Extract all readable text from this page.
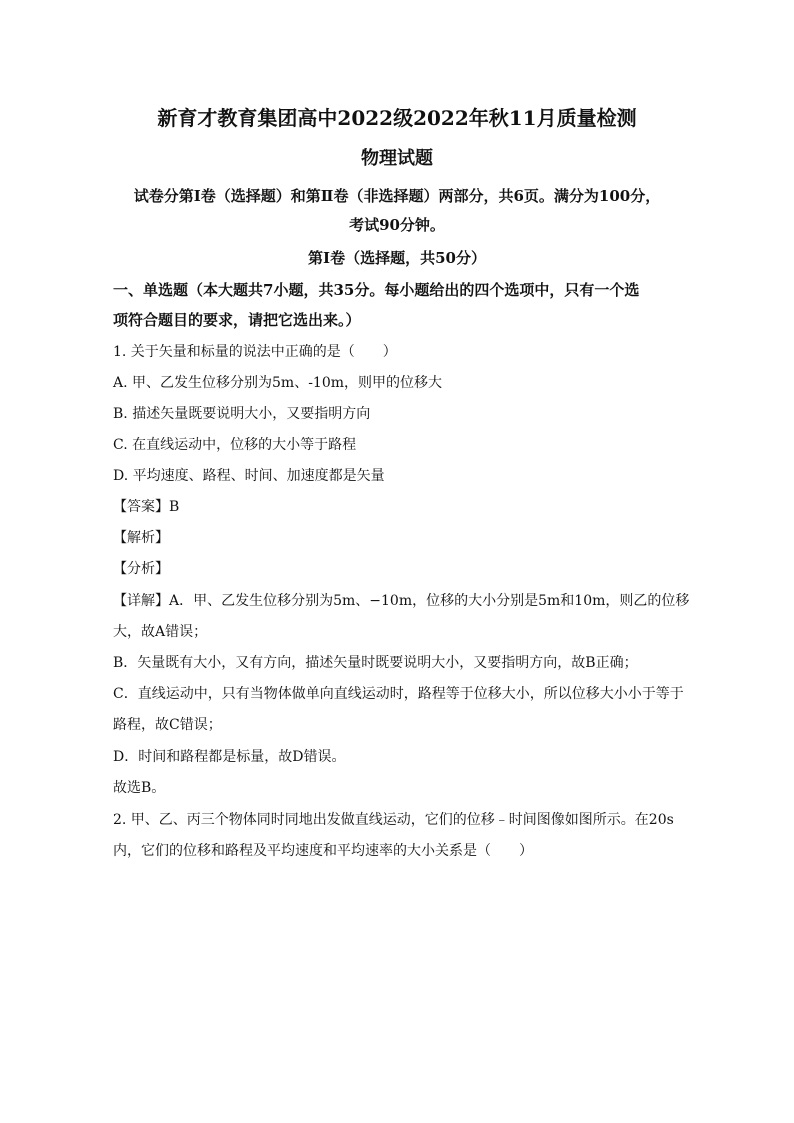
新育才教育集团高中2022级2022年秋11月质量检测
物理试题
试卷分第Ⅰ卷（选择题）和第Ⅱ卷（非选择题）两部分，共6页。满分为100分，
考试90分钟。
第Ⅰ卷（选择题，共50分）
一、单选题（本大题共7小题，共35分。每小题给出的四个选项中，只有一个选
项符合题目的要求，请把它选出来。）
1. 关于矢量和标量的说法中正确的是（　　）
A. 甲、乙发生位移分别为5m、-10m，则甲的位移大
B. 描述矢量既要说明大小，又要指明方向
C. 在直线运动中，位移的大小等于路程
D. 平均速度、路程、时间、加速度都是矢量
【答案】B
【解析】
【分析】
【详解】A．甲、乙发生位移分别为5m、−10m，位移的大小分别是5m和10m，则乙的位移
大，故A错误；
B．矢量既有大小，又有方向，描述矢量时既要说明大小，又要指明方向，故B正确；
C．直线运动中，只有当物体做单向直线运动时，路程等于位移大小，所以位移大小小于等于
路程，故C错误；
D．时间和路程都是标量，故D错误。
故选B。
2. 甲、乙、丙三个物体同时同地出发做直线运动，它们的位移﹣时间图像如图所示。在20s
内，它们的位移和路程及平均速度和平均速率的大小关系是（　　）
